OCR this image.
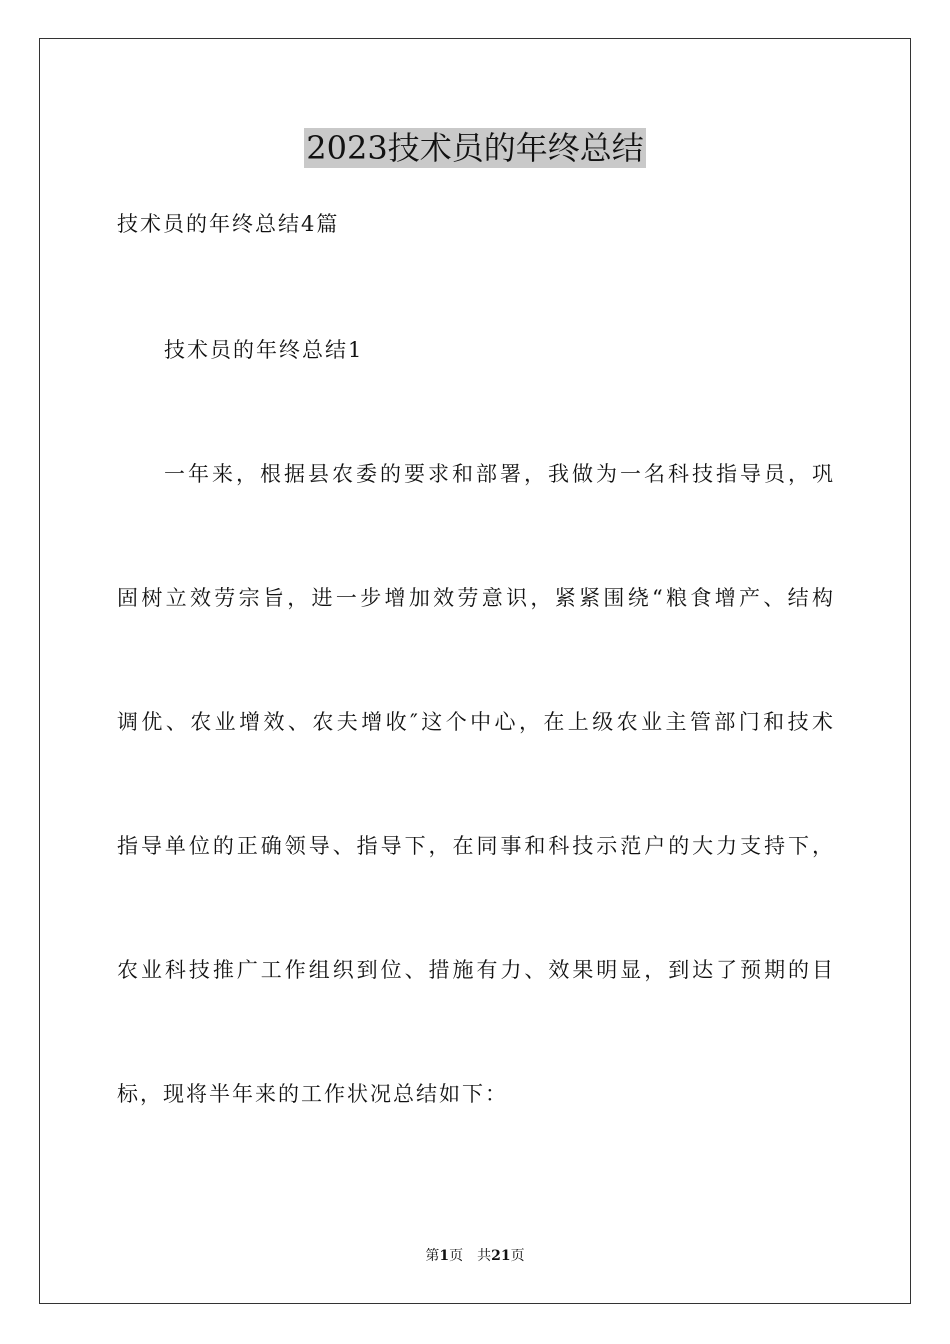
2023技术员的年终总结
技术员的年终总结4篇
技术员的年终总结1
一年来，根据县农委的要求和部署，我做为一名科技指导员，巩
固树立效劳宗旨，进一步增加效劳意识，紧紧围绕“粮食增产、结构
调优、农业增效、农夫增收″这个中心，在上级农业主管部门和技术
指导单位的正确领导、指导下，在同事和科技示范户的大力支持下，
农业科技推广工作组织到位、措施有力、效果明显，到达了预期的目
标，现将半年来的工作状况总结如下：
第1页 共21页
